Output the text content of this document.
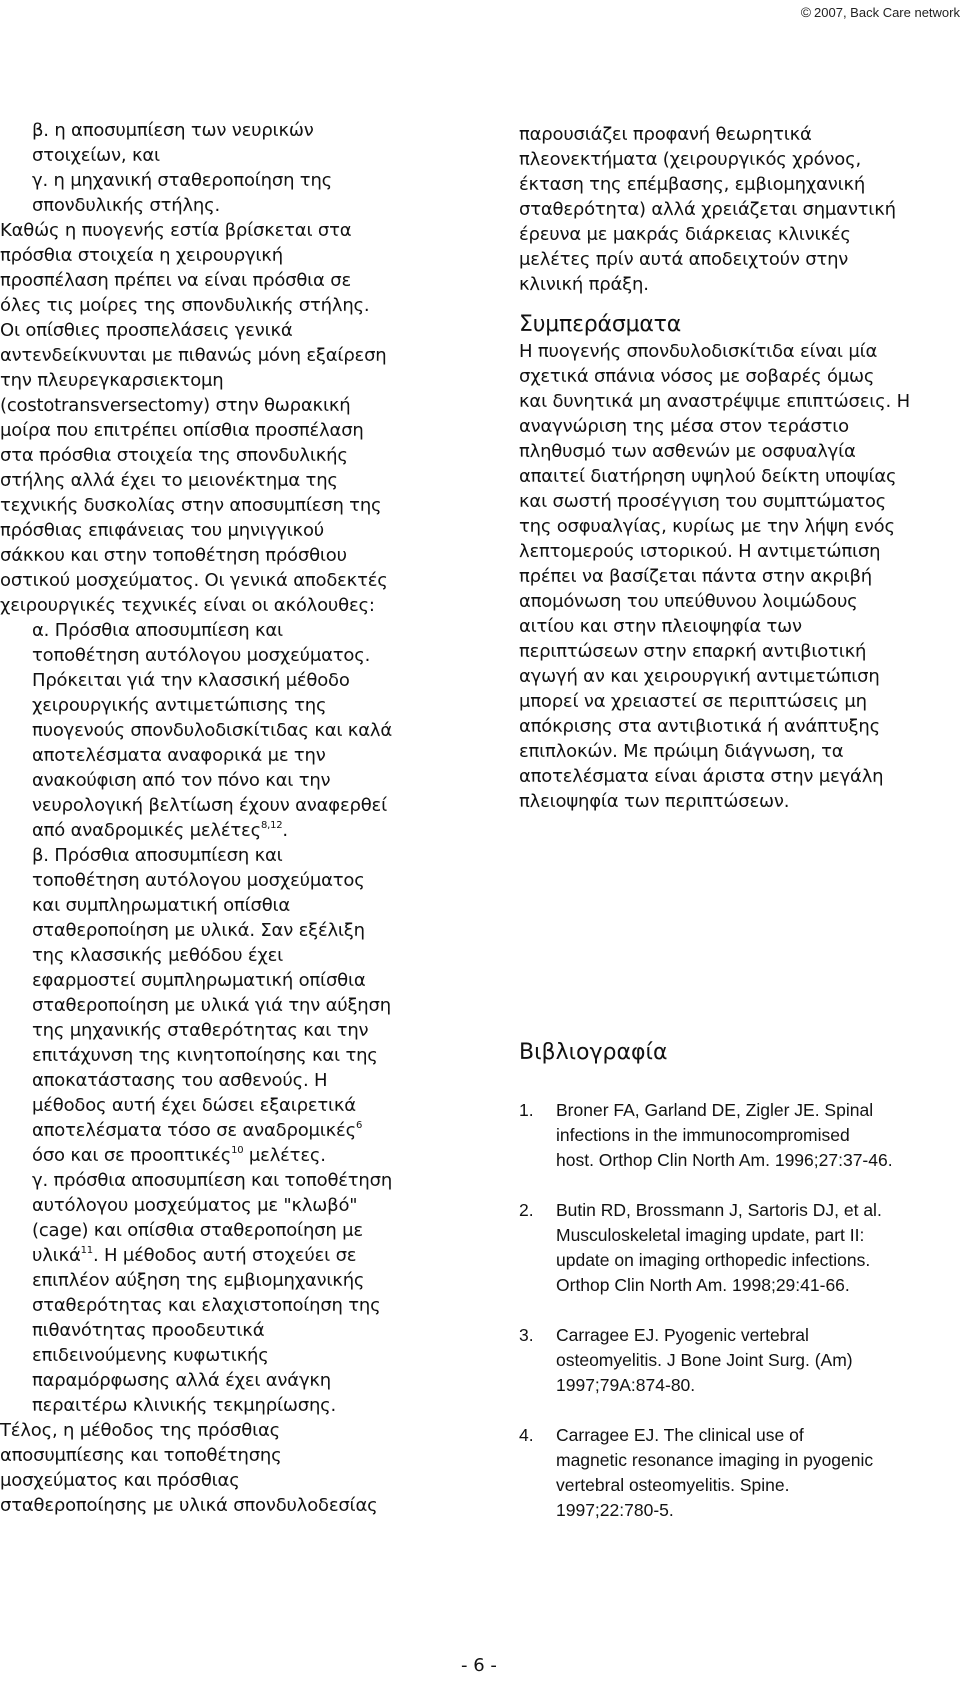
© 2007, Back Care network
β. η αποσυμπίεση των νευρικών
στοιχείων, και
γ. η μηχανική σταθεροποίηση της
σπονδυλικής στήλης.
Καθώς η πυογενής εστία βρίσκεται στα
πρόσθια στοιχεία η χειρουργική
προσπέλαση πρέπει να είναι πρόσθια σε
όλες τις μοίρες της σπονδυλικής στήλης.
Οι οπίσθιες προσπελάσεις γενικά
αντενδείκνυνται με πιθανώς μόνη εξαίρεση
την πλευρεγκαρσιεκτομη
(costotransversectomy) στην θωρακική
μοίρα που επιτρέπει οπίσθια προσπέλαση
στα πρόσθια στοιχεία της σπονδυλικής
στήλης αλλά έχει το μειονέκτημα της
τεχνικής δυσκολίας στην αποσυμπίεση της
πρόσθιας επιφάνειας του μηνιγγικού
σάκκου και στην τοποθέτηση πρόσθιου
οστικού μοσχεύματος. Οι γενικά αποδεκτές
χειρουργικές τεχνικές είναι οι ακόλουθες:
α. Πρόσθια αποσυμπίεση και
τοποθέτηση αυτόλογου μοσχεύματος.
Πρόκειται γιά την κλασσική μέθοδο
χειρουργικής αντιμετώπισης της
πυογενούς σπονδυλοδισκίτιδας και καλά
αποτελέσματα αναφορικά με την
ανακούφιση από τον πόνο και την
νευρολογική βελτίωση έχουν αναφερθεί
από αναδρομικές μελέτες$^{8,12}$.
β. Πρόσθια αποσυμπίεση και
τοποθέτηση αυτόλογου μοσχεύματος
και συμπληρωματική οπίσθια
σταθεροποίηση με υλικά. Σαν εξέλιξη
της κλασσικής μεθόδου έχει
εφαρμοστεί συμπληρωματική οπίσθια
σταθεροποίηση με υλικά γιά την αύξηση
της μηχανικής σταθερότητας και την
επιτάχυνση της κινητοποίησης και της
αποκατάστασης του ασθενούς. Η
μέθοδος αυτή έχει δώσει εξαιρετικά
αποτελέσματα τόσο σε αναδρομικές$^6$
όσο και σε προοπτικές$^{10}$ μελέτες.
γ. πρόσθια αποσυμπίεση και τοποθέτηση
αυτόλογου μοσχεύματος με "κλωβό"
(cage) και οπίσθια σταθεροποίηση με
υλικά$^{11}$. Η μέθοδος αυτή στοχεύει σε
επιπλέον αύξηση της εμβιομηχανικής
σταθερότητας και ελαχιστοποίηση της
πιθανότητας προοδευτικά
επιδεινούμενης κυφωτικής
παραμόρφωσης αλλά έχει ανάγκη
περαιτέρω κλινικής τεκμηρίωσης.
Τέλος, η μέθοδος της πρόσθιας
αποσυμπίεσης και τοποθέτησης
μοσχεύματος και πρόσθιας
σταθεροποίησης με υλικά σπονδυλοδεσίας
παρουσιάζει προφανή θεωρητικά
πλεονεκτήματα (χειρουργικός χρόνος,
έκταση της επέμβασης, εμβιομηχανική
σταθερότητα) αλλά χρειάζεται σημαντική
έρευνα με μακράς διάρκειας κλινικές
μελέτες πρίν αυτά αποδειχτούν στην
κλινική πράξη.
Συμπεράσματα
Η πυογενής σπονδυλοδισκίτιδα είναι μία
σχετικά σπάνια νόσος με σοβαρές όμως
και δυνητικά μη αναστρέψιμε επιπτώσεις. Η
αναγνώριση της μέσα στον τεράστιο
πληθυσμό των ασθενών με οσφυαλγία
απαιτεί διατήρηση υψηλού δείκτη υποψίας
και σωστή προσέγγιση του συμπτώματος
της οσφυαλγίας, κυρίως με την λήψη ενός
λεπτομερούς ιστορικού. Η αντιμετώπιση
πρέπει να βασίζεται πάντα στην ακριβή
απομόνωση του υπεύθυνου λοιμώδους
αιτίου και στην πλειοψηφία των
περιπτώσεων στην επαρκή αντιβιοτική
αγωγή αν και χειρουργική αντιμετώπιση
μπορεί να χρειαστεί σε περιπτώσεις μη
απόκρισης στα αντιβιοτικά ή ανάπτυξης
επιπλοκών. Με πρώιμη διάγνωση, τα
αποτελέσματα είναι άριστα στην μεγάλη
πλειοψηφία των περιπτώσεων.
Βιβλιογραφία
1. Broner FA, Garland DE, Zigler JE. Spinal
infections in the immunocompromised
host. Orthop Clin North Am. 1996;27:37-46.
2. Butin RD, Brossmann J, Sartoris DJ, et al.
Musculoskeletal imaging update, part II:
update on imaging orthopedic infections.
Orthop Clin North Am. 1998;29:41-66.
3. Carragee EJ. Pyogenic vertebral
osteomyelitis. J Bone Joint Surg. (Am)
1997;79A:874-80.
4. Carragee EJ. The clinical use of
magnetic resonance imaging in pyogenic
vertebral osteomyelitis. Spine.
1997;22:780-5.
- 6 -
